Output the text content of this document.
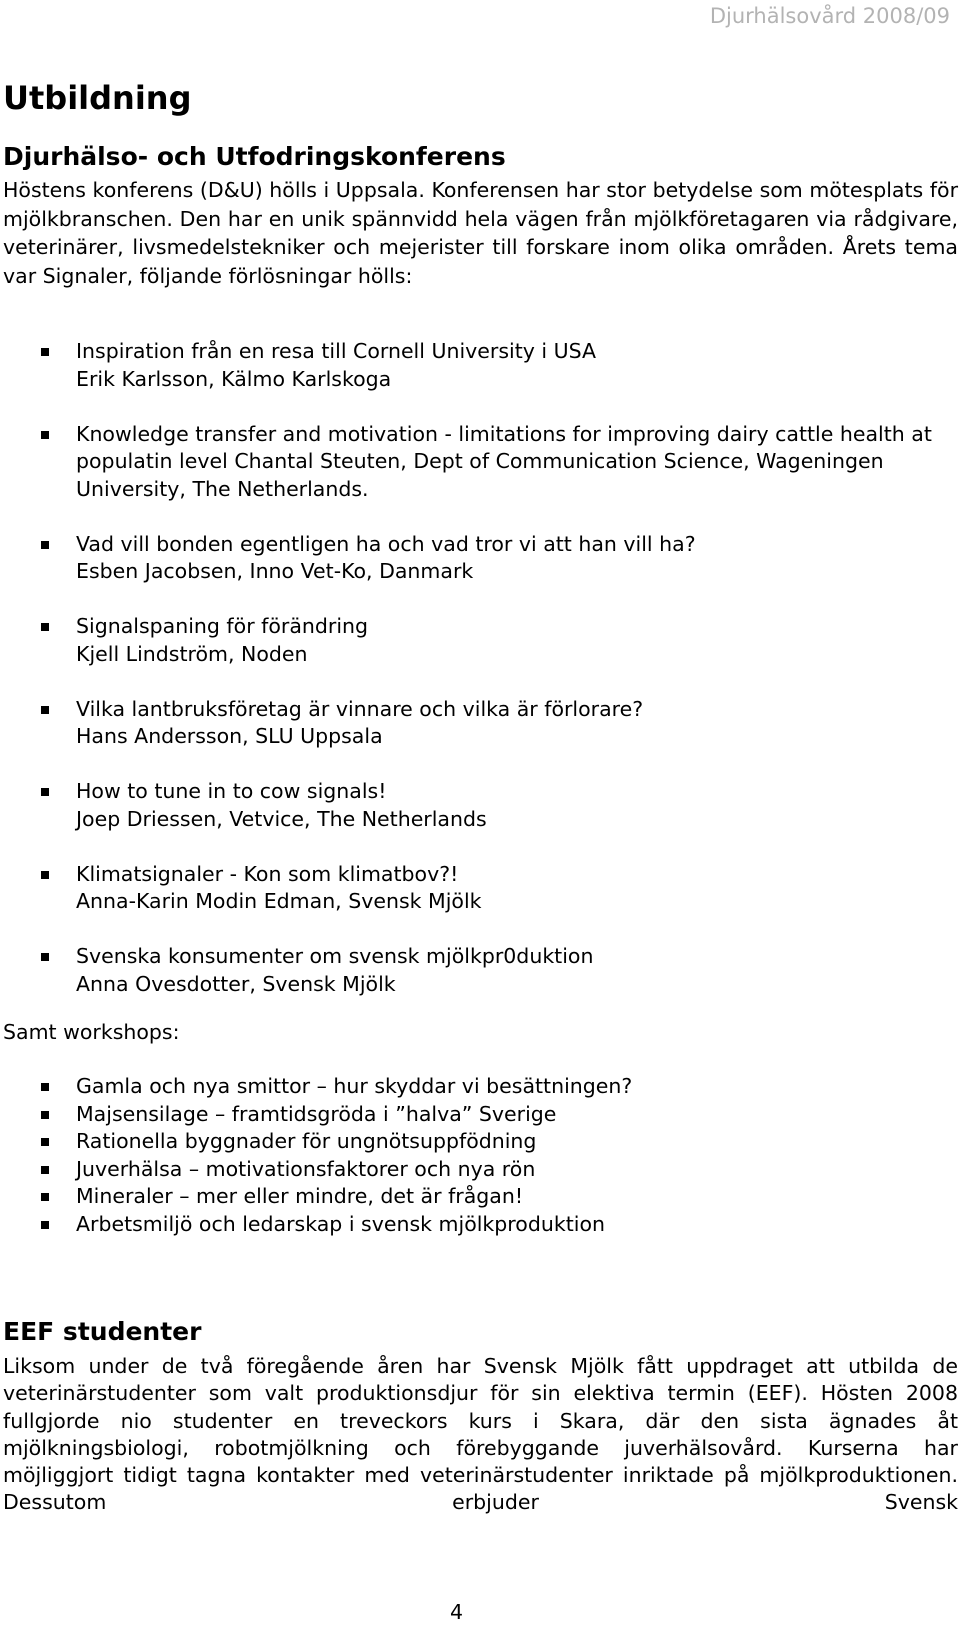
Djurhälsovård 2008/09
Utbildning
Djurhälso- och Utfodringskonferens

Höstens konferens (D&U) hölls i Uppsala. Konferensen har stor betydelse som mötesplats för mjölkbranschen. Den har en unik spännvidd hela vägen från mjölkföretagaren via rådgivare, veterinärer, livsmedelstekniker och mejerister till forskare inom olika områden. Årets tema var Signaler, följande förlösningar hölls:

Inspiration från en resa till Cornell University i USA
Erik Karlsson, Kälmo Karlskoga
Knowledge transfer and motivation - limitations for improving dairy cattle health at populatin level Chantal Steuten, Dept of Communication Science, Wageningen University, The Netherlands.
Vad vill bonden egentligen ha och vad tror vi att han vill ha?
Esben Jacobsen, Inno Vet-Ko, Danmark
Signalspaning för förändring
Kjell Lindström, Noden
Vilka lantbruksföretag är vinnare och vilka är förlorare?
Hans Andersson, SLU Uppsala
How to tune in to cow signals!
Joep Driessen, Vetvice, The Netherlands
Klimatsignaler - Kon som klimatbov?!
Anna-Karin Modin Edman, Svensk Mjölk
Svenska konsumenter om svensk mjölkpr0duktion
Anna Ovesdotter, Svensk Mjölk

Samt workshops:

Gamla och nya smittor – hur skyddar vi besättningen?
Majsensilage – framtidsgröda i ”halva” Sverige
Rationella byggnader för ungnötsuppfödning
Juverhälsa – motivationsfaktorer och nya rön
Mineraler – mer eller mindre, det är frågan!
Arbetsmiljö och ledarskap i svensk mjölkproduktion
EEF studenter

Liksom under de två föregående åren har Svensk Mjölk fått uppdraget att utbilda de veterinärstudenter som valt produktionsdjur för sin elektiva termin (EEF). Hösten 2008 fullgjorde nio studenter en treveckors kurs i Skara, där den sista ägnades åt mjölkningsbiologi, robotmjölkning och förebyggande juverhälsovård. Kurserna har möjliggjort tidigt tagna kontakter med veterinärstudenter inriktade på mjölkproduktionen. Dessutom erbjuder Svensk

4
